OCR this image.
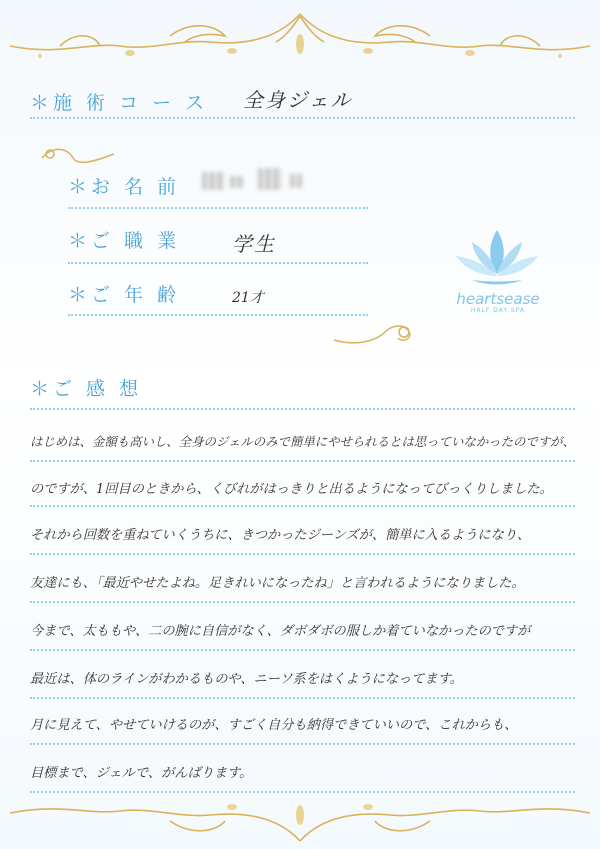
＊施 術 コ ー ス 全身ジェル
＊お 名 前
＊ご 職 業	学生
＊ご 年 齢	21才	heartsease
HALF DAY SPA
＊ご 感 想
はじめは、金額も高いし、全身のジェルのみで簡単にやせられるとは思っていなかったのですが、
のですが、1回目のときから、くびれがはっきりと出るようになってびっくりしました。
それから回数を重ねていくうちに、きつかったジーンズが、簡単に入るようになり、
友達にも、「最近やせたよね。足きれいになったね」と言われるようになりました。
今まで、太ももや、二の腕に自信がなく、ダボダボの服しか着ていなかったのですが
最近は、体のラインがわかるものや、ニーソ系をはくようになってます。
月に見えて、やせていけるのが、すごく自分も納得できていいので、これからも、
目標まで、ジェルで、がんばります。
